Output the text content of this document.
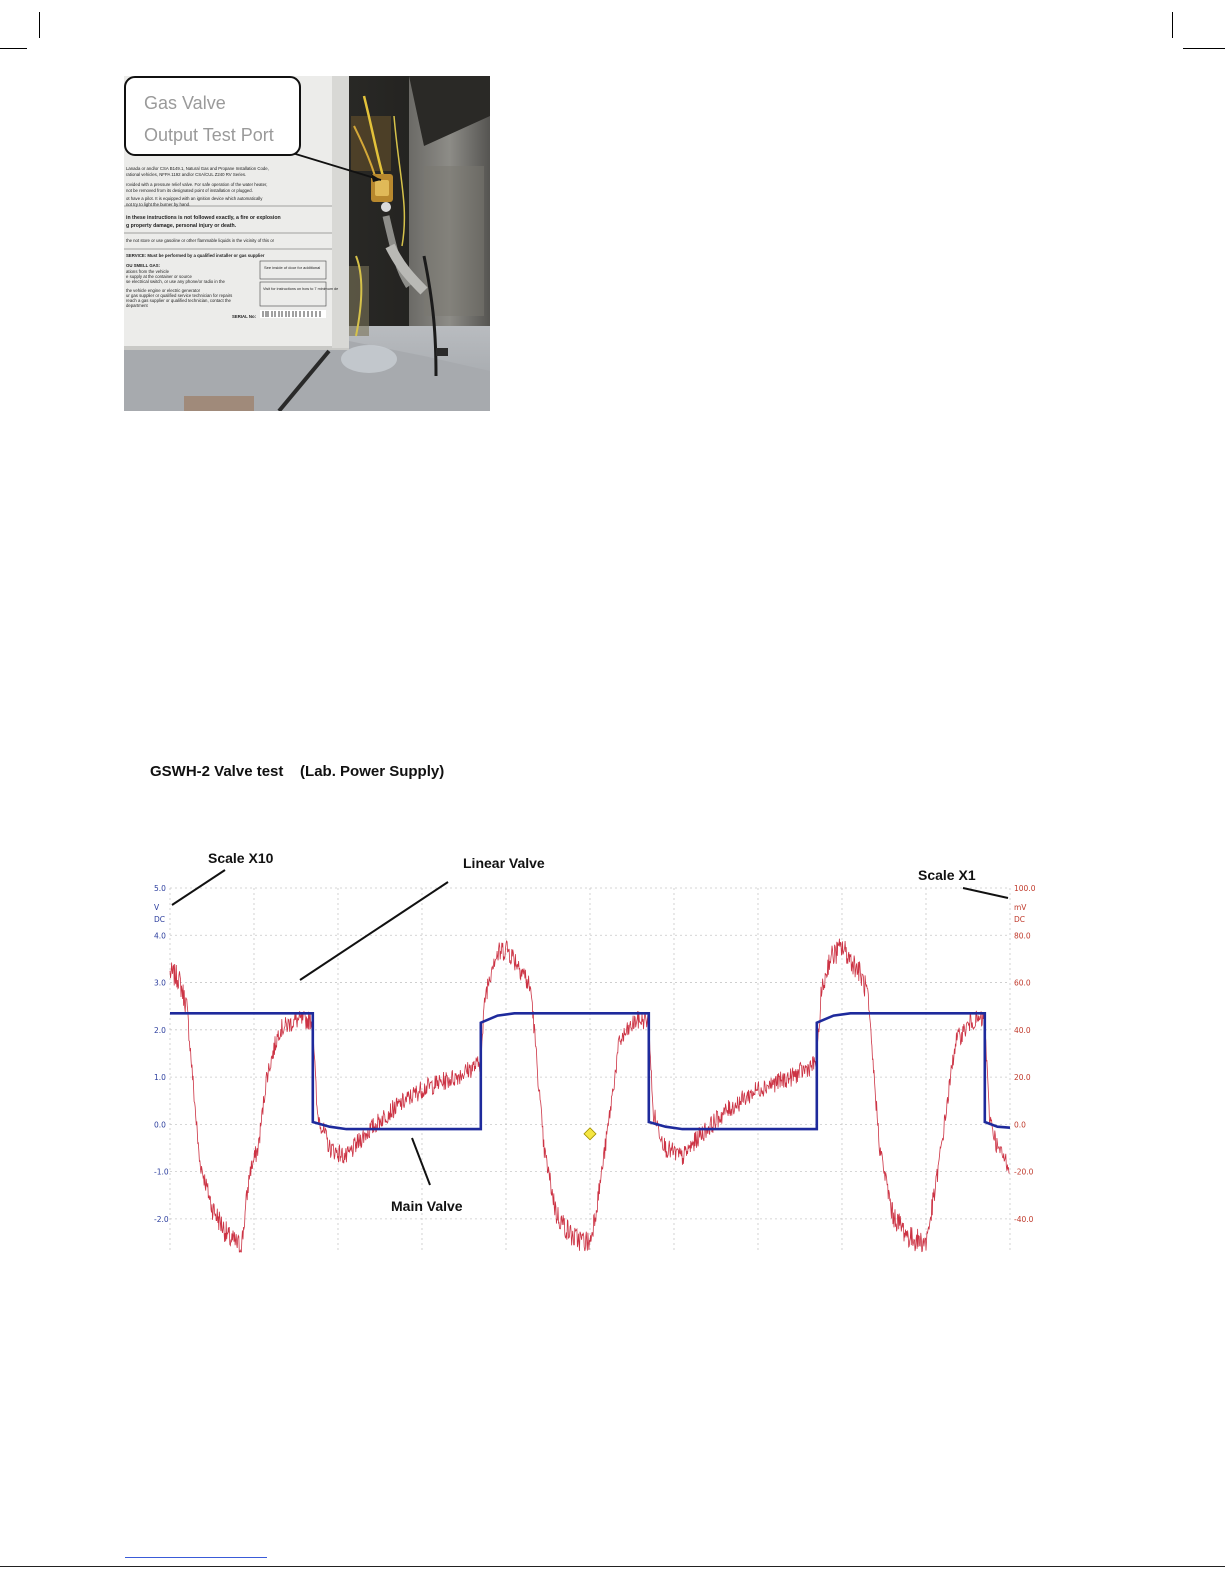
Lanada or and/or CSA B149.1, Natural Gas and Propane Installation Code,
rational vehicles, NFPA 1192 and/or CSA/CUL Z240 RV Series.
rovided with a pressure relief valve. For safe operation of the water heater,
not be removed from its designated point of installation or plugged.
ot have a pilot. It is equipped with an ignition device which automatically
not try to light the burner by hand.
in these instructions is not followed exactly, a fire or explosion
g property damage, personal injury or death.
the not store or use gasoline or other flammable liquids in the vicinity of this or
SERVICE: Must be performed by a qualified installer or gas supplier
OU SMELL GAS:
ations from the vehicle
e supply at the container or source
se electrical switch, or use any phone/or radio in the
the vehicle engine or electric generator
ur gas supplier or qualified service technician for repairs
reach a gas supplier or qualified technician, contact the
department
SERIAL No:
See inside of door for additional
Visit for instructions on how to 7 minimum de
Gas Valve
Output Test Port
GSWH-2 Valve test    (Lab. Power Supply)
5.0
4.0
3.0
2.0
1.0
0.0
-1.0
-2.0
100.0
80.0
60.0
40.0
20.0
0.0
-20.0
-40.0
V
DC
mV
DC
Scale X10	Linear Valve
Scale X1
Main Valve
